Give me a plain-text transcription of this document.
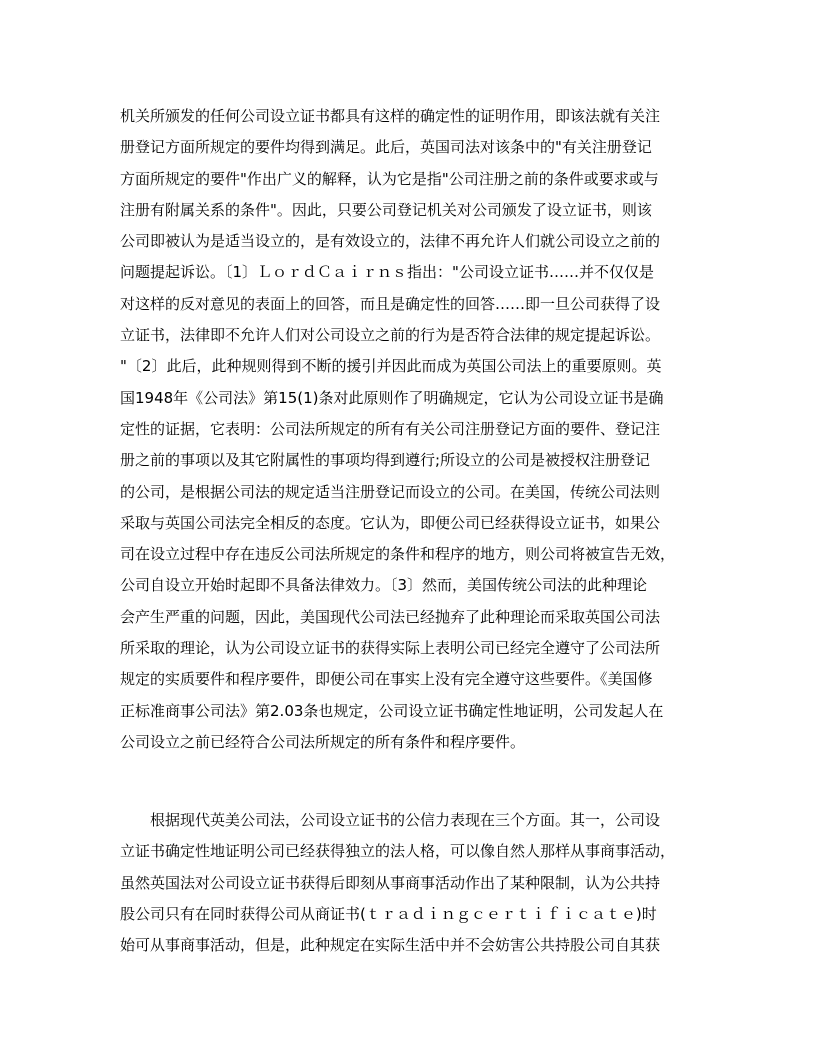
机关所颁发的任何公司设立证书都具有这样的确定性的证明作用，即该法就有关注
册登记方面所规定的要件均得到满足。此后，英国司法对该条中的"有关注册登记
方面所规定的要件"作出广义的解释，认为它是指"公司注册之前的条件或要求或与
注册有附属关系的条件"。因此，只要公司登记机关对公司颁发了设立证书，则该
公司即被认为是适当设立的，是有效设立的，法律不再允许人们就公司设立之前的
问题提起诉讼。〔1〕ＬｏｒｄＣａｉｒｎｓ指出："公司设立证书……并不仅仅是
对这样的反对意见的表面上的回答，而且是确定性的回答……即一旦公司获得了设
立证书，法律即不允许人们对公司设立之前的行为是否符合法律的规定提起诉讼。
"〔2〕此后，此种规则得到不断的援引并因此而成为英国公司法上的重要原则。英
国1948年《公司法》第15(1)条对此原则作了明确规定，它认为公司设立证书是确
定性的证据，它表明：公司法所规定的所有有关公司注册登记方面的要件、登记注
册之前的事项以及其它附属性的事项均得到遵行;所设立的公司是被授权注册登记
的公司，是根据公司法的规定适当注册登记而设立的公司。在美国，传统公司法则
采取与英国公司法完全相反的态度。它认为，即便公司已经获得设立证书，如果公
司在设立过程中存在违反公司法所规定的条件和程序的地方，则公司将被宣告无效，
公司自设立开始时起即不具备法律效力。〔3〕然而，美国传统公司法的此种理论
会产生严重的问题，因此，美国现代公司法已经抛弃了此种理论而采取英国公司法
所采取的理论，认为公司设立证书的获得实际上表明公司已经完全遵守了公司法所
规定的实质要件和程序要件，即便公司在事实上没有完全遵守这些要件。《美国修
正标准商事公司法》第2.03条也规定，公司设立证书确定性地证明，公司发起人在
公司设立之前已经符合公司法所规定的所有条件和程序要件。
　　根据现代英美公司法，公司设立证书的公信力表现在三个方面。其一，公司设
立证书确定性地证明公司已经获得独立的法人格，可以像自然人那样从事商事活动，
虽然英国法对公司设立证书获得后即刻从事商事活动作出了某种限制，认为公共持
股公司只有在同时获得公司从商证书(ｔｒａｄｉｎｇｃｅｒｔｉｆｉｃａｔｅ)时
始可从事商事活动，但是，此种规定在实际生活中并不会妨害公共持股公司自其获
